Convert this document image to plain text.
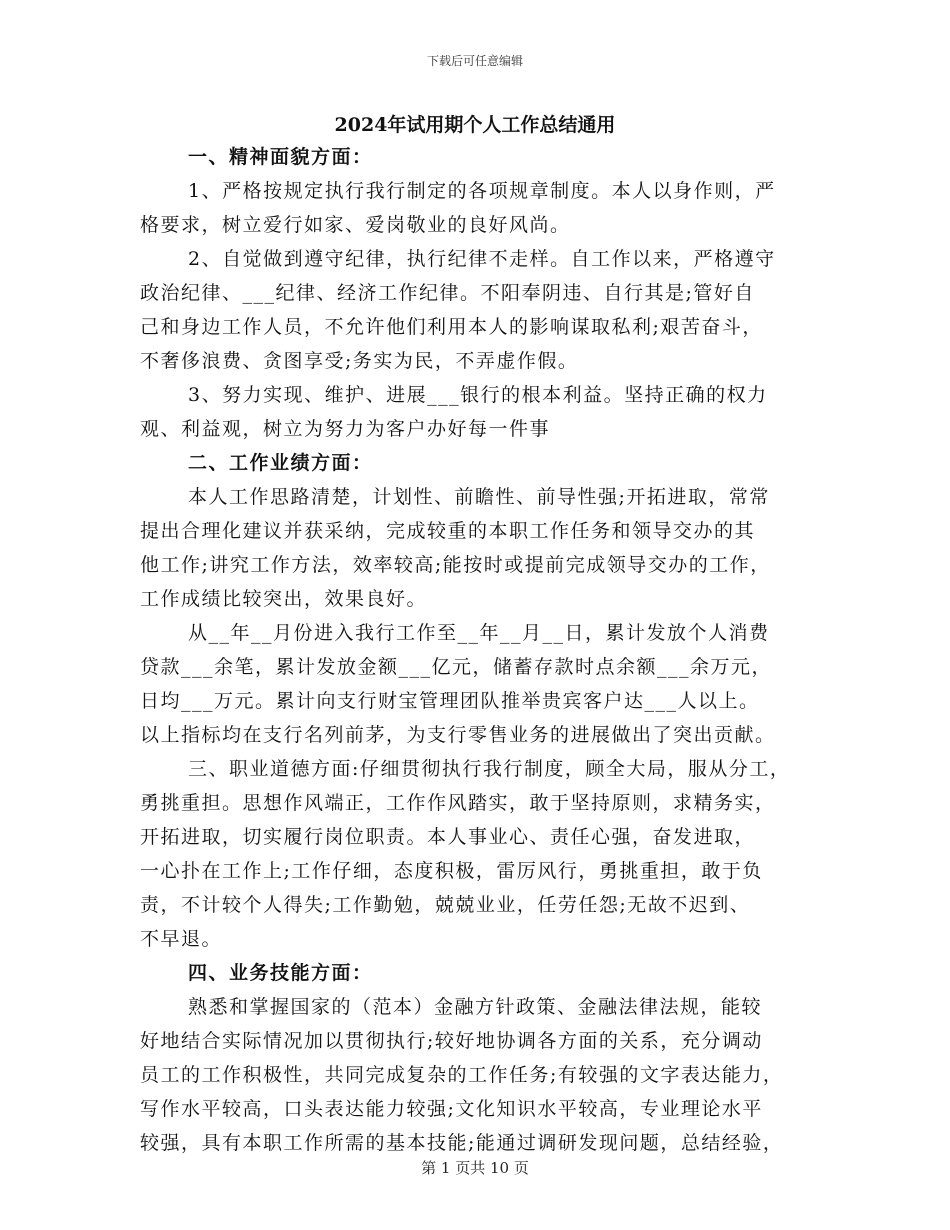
下载后可任意编辑
2024年试用期个人工作总结通用
一、精神面貌方面：
1、严格按规定执行我行制定的各项规章制度。本人以身作则，严
格要求，树立爱行如家、爱岗敬业的良好风尚。
2、自觉做到遵守纪律，执行纪律不走样。自工作以来，严格遵守
政治纪律、___纪律、经济工作纪律。不阳奉阴违、自行其是;管好自
己和身边工作人员，不允许他们利用本人的影响谋取私利;艰苦奋斗，
不奢侈浪费、贪图享受;务实为民，不弄虚作假。
3、努力实现、维护、进展___银行的根本利益。坚持正确的权力
观、利益观，树立为努力为客户办好每一件事
二、工作业绩方面：
本人工作思路清楚，计划性、前瞻性、前导性强;开拓进取，常常
提出合理化建议并获采纳，完成较重的本职工作任务和领导交办的其
他工作;讲究工作方法，效率较高;能按时或提前完成领导交办的工作，
工作成绩比较突出，效果良好。
从__年__月份进入我行工作至__年__月__日，累计发放个人消费
贷款___余笔，累计发放金额___亿元，储蓄存款时点余额___余万元，
日均___万元。累计向支行财宝管理团队推举贵宾客户达___人以上。
以上指标均在支行名列前茅，为支行零售业务的进展做出了突出贡献。
三、职业道德方面:仔细贯彻执行我行制度，顾全大局，服从分工，
勇挑重担。思想作风端正，工作作风踏实，敢于坚持原则，求精务实，
开拓进取，切实履行岗位职责。本人事业心、责任心强，奋发进取，
一心扑在工作上;工作仔细，态度积极，雷厉风行，勇挑重担，敢于负
责，不计较个人得失;工作勤勉，兢兢业业，任劳任怨;无故不迟到、
不早退。
四、业务技能方面：
熟悉和掌握国家的（范本）金融方针政策、金融法律法规，能较
好地结合实际情况加以贯彻执行;较好地协调各方面的关系，充分调动
员工的工作积极性，共同完成复杂的工作任务;有较强的文字表达能力，
写作水平较高，口头表达能力较强;文化知识水平较高，专业理论水平
较强，具有本职工作所需的基本技能;能通过调研发现问题，总结经验，
第 1 页共 10 页
